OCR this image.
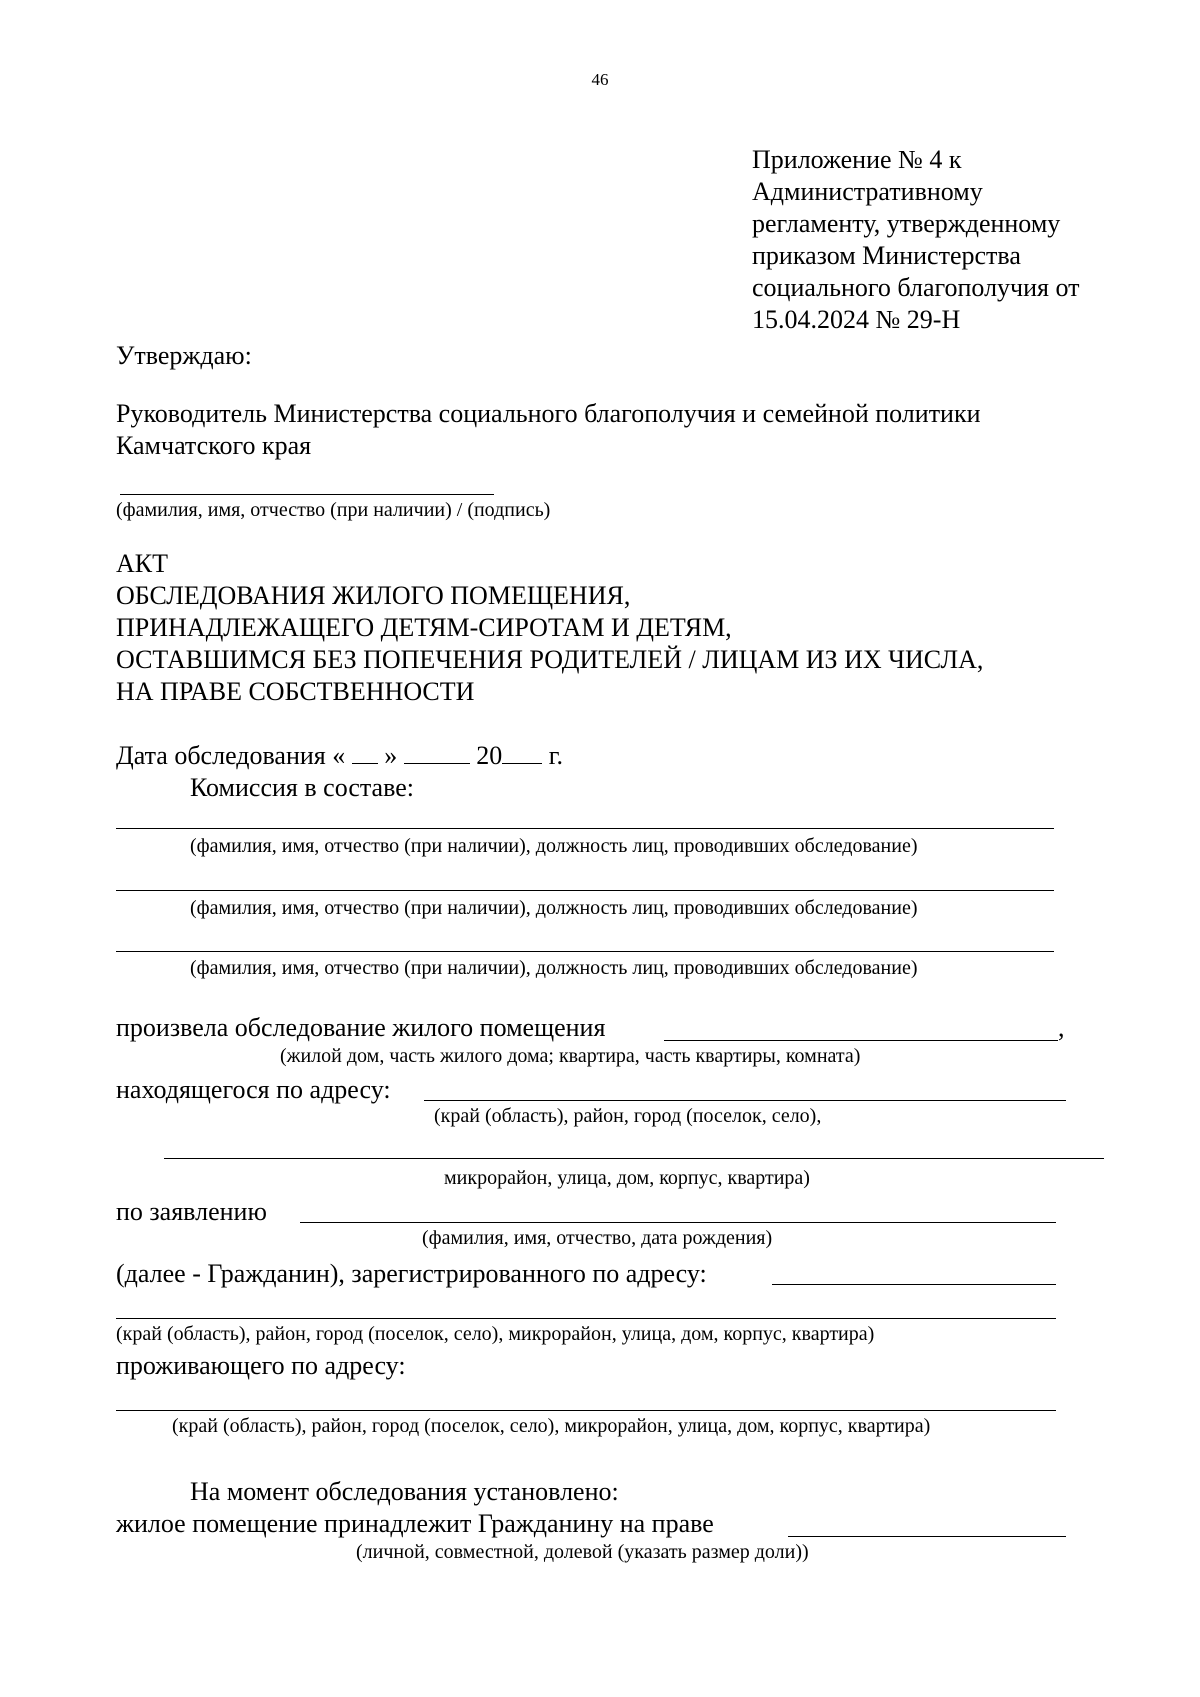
46
Приложение № 4 к
Административному
регламенту, утвержденному
приказом Министерства
социального благополучия от
15.04.2024 № 29-Н
Утверждаю:
Руководитель Министерства социального благополучия и семейной политики
Камчатского края
(фамилия, имя, отчество (при наличии) / (подпись)
АКТ
ОБСЛЕДОВАНИЯ ЖИЛОГО ПОМЕЩЕНИЯ,
ПРИНАДЛЕЖАЩЕГО ДЕТЯМ-СИРОТАМ И ДЕТЯМ,
ОСТАВШИМСЯ БЕЗ ПОПЕЧЕНИЯ РОДИТЕЛЕЙ / ЛИЦАМ ИЗ ИХ ЧИСЛА,
НА ПРАВЕ СОБСТВЕННОСТИ
Дата обследования « »	20 г.
Комиссия в составе:
(фамилия, имя, отчество (при наличии), должность лиц, проводивших обследование)
(фамилия, имя, отчество (при наличии), должность лиц, проводивших обследование)
(фамилия, имя, отчество (при наличии), должность лиц, проводивших обследование)
произвела обследование жилого помещения	,
(жилой дом, часть жилого дома; квартира, часть квартиры, комната)
находящегося по адресу:
(край (область), район, город (поселок, село),
микрорайон, улица, дом, корпус, квартира)
по заявлению
(фамилия, имя, отчество, дата рождения)
(далее - Гражданин), зарегистрированного по адресу:
(край (область), район, город (поселок, село), микрорайон, улица, дом, корпус, квартира)
проживающего по адресу:
(край (область), район, город (поселок, село), микрорайон, улица, дом, корпус, квартира)
На момент обследования установлено:
жилое помещение принадлежит Гражданину на праве
(личной, совместной, долевой (указать размер доли))
